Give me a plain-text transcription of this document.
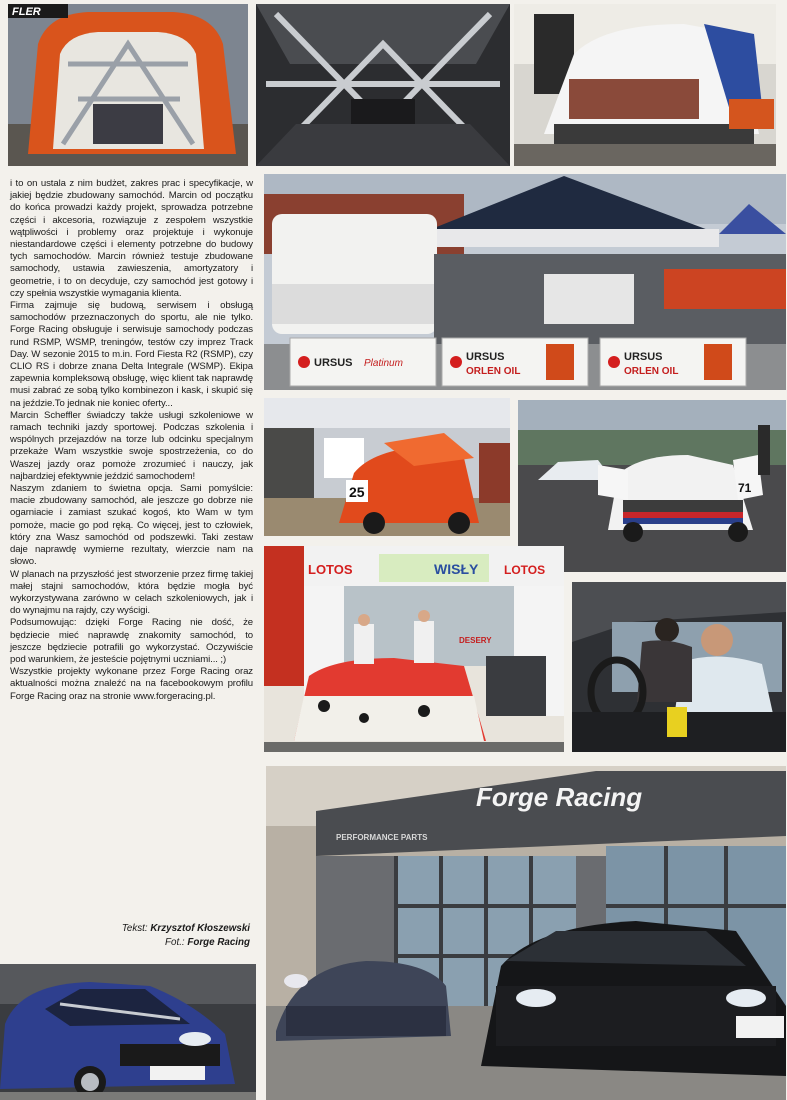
FLER
URSUS Platinum
URSUS
ORLEN OIL
URSUS
ORLEN OIL
25	71
LOTOS	WISŁY LOTOS
DESERY
Forge Racing
PERFORMANCE PARTS

i to on ustala z nim budżet, zakres prac i specyfikacje, w jakiej będzie zbudowany samochód. Marcin od początku do końca prowadzi każdy projekt, sprowadza potrzebne części i akcesoria, rozwiązuje z zespołem wszystkie wątpliwości i problemy oraz projektuje i wykonuje niestandardowe części i elementy potrzebne do budowy tych samochodów. Marcin również testuje zbudowane samochody, ustawia zawieszenia, amortyzatory i geometrie, i to on decyduje, czy samochód jest gotowy i czy spełnia wszystkie wymagania klienta.

Firma zajmuje się budową, serwisem i obsługą samochodów przeznaczonych do sportu, ale nie tylko. Forge Racing obsługuje i serwisuje samochody podczas rund RSMP, WSMP, treningów, testów czy imprez Track Day. W sezonie 2015 to m.in. Ford Fiesta R2 (RSMP), czy CLIO RS i dobrze znana Delta Integrale (WSMP). Ekipa zapewnia kompleksową obsługę, więc klient tak naprawdę musi zabrać ze sobą tylko kombinezon i kask, i skupić się na jeździe.To jednak nie koniec oferty...

Marcin Scheffler świadczy także usługi szkoleniowe w ramach techniki jazdy sportowej. Podczas szkolenia i wspólnych przejazdów na torze lub odcinku specjalnym przekaże Wam wszystkie swoje spostrzeżenia, co do Waszej jazdy oraz pomoże zrozumieć i nauczy, jak najbardziej efektywnie jeździć samochodem!

Naszym zdaniem to świetna opcja. Sami pomyślcie: macie zbudowany samochód, ale jeszcze go dobrze nie ogarniacie i zamiast szukać kogoś, kto Wam w tym pomoże, macie go pod ręką. Co więcej, jest to człowiek, który zna Wasz samochód od podszewki. Taki zestaw daje naprawdę wymierne rezultaty, wierzcie nam na słowo.

W planach na przyszłość jest stworzenie przez firmę takiej małej stajni samochodów, która będzie mogła być wykorzystywana zarówno w celach szkoleniowych, jak i do wynajmu na rajdy, czy wyścigi.

Podsumowując: dzięki Forge Racing nie dość, że będziecie mieć naprawdę znakomity samochód, to jeszcze będziecie potrafili go wykorzystać. Oczywiście pod warunkiem, że jesteście pojętnymi uczniami... ;)

Wszystkie projekty wykonane przez Forge Racing oraz aktualności można znaleźć na na facebookowym profilu Forge Racing oraz na stronie www.forgeracing.pl.

Tekst: Krzysztof Kłoszewski
Fot.: Forge Racing
